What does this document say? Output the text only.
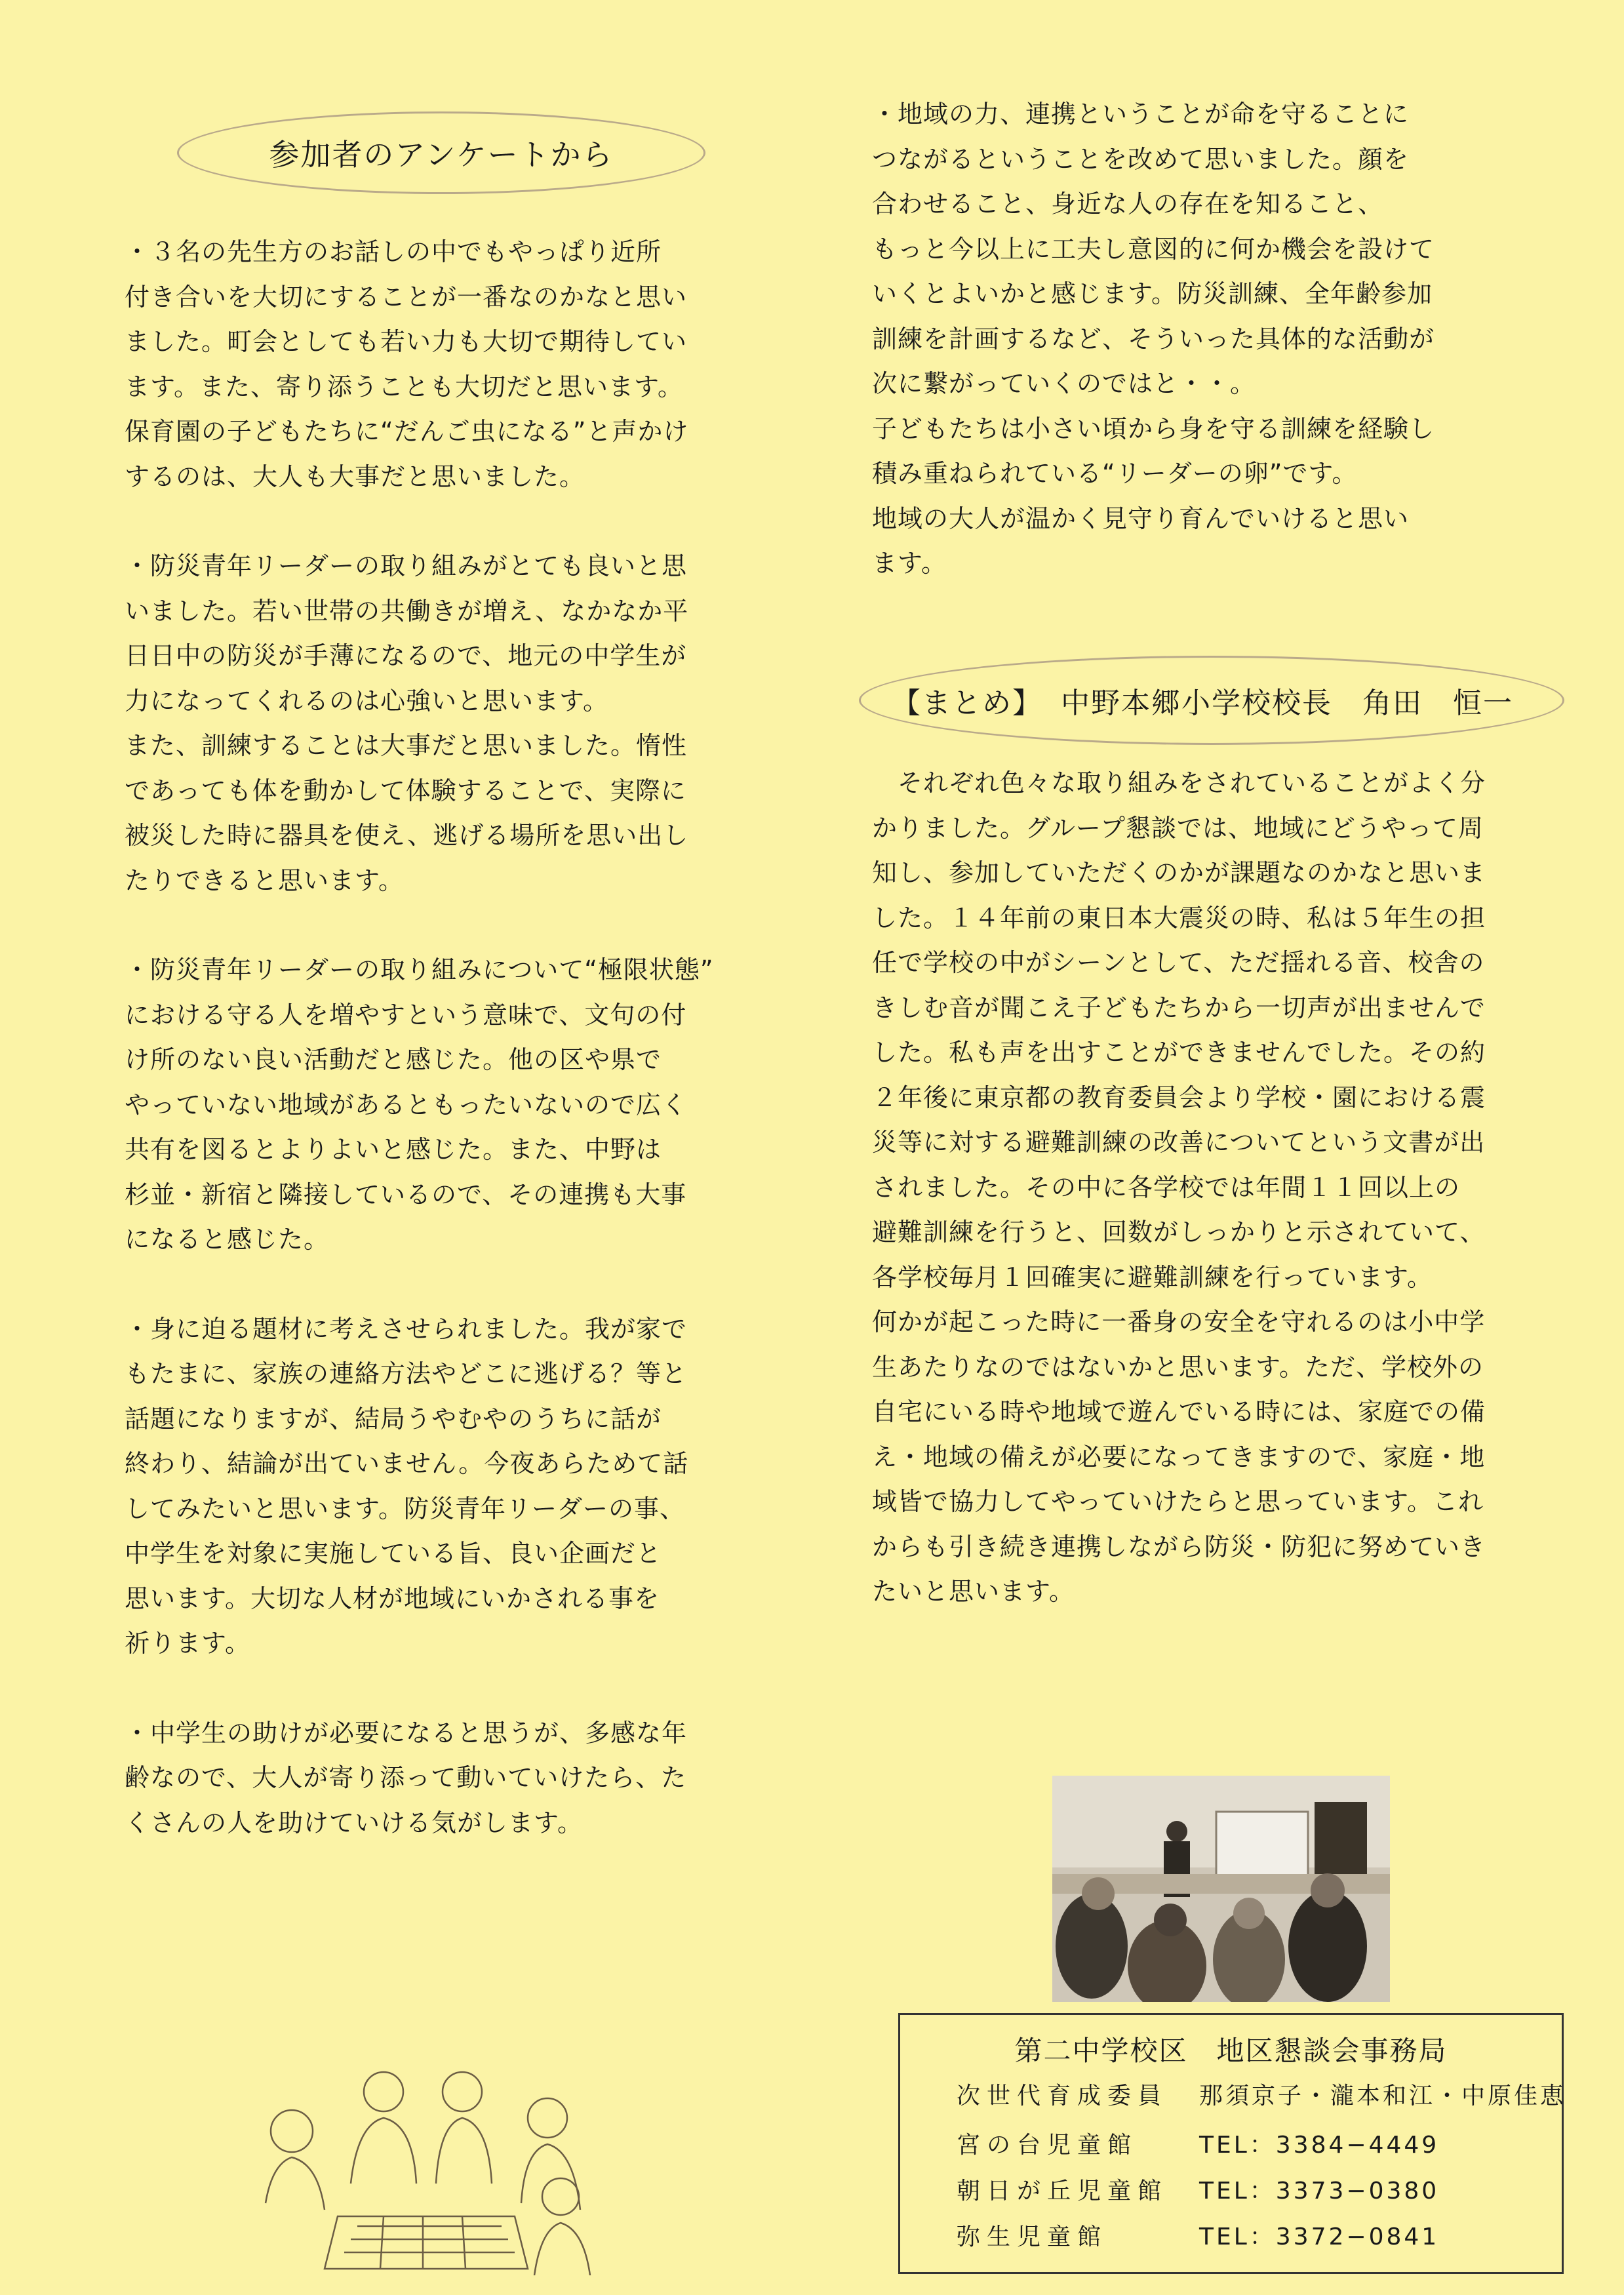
参加者のアンケートから

・３名の先生方のお話しの中でもやっぱり近所
付き合いを大切にすることが一番なのかなと思い
ました。町会としても若い力も大切で期待してい
ます。また、寄り添うことも大切だと思います。
保育園の子どもたちに“だんご虫になる”と声かけ
するのは、大人も大事だと思いました。

・防災青年リーダーの取り組みがとても良いと思
いました。若い世帯の共働きが増え、なかなか平
日日中の防災が手薄になるので、地元の中学生が
力になってくれるのは心強いと思います。
また、訓練することは大事だと思いました。惰性
であっても体を動かして体験することで、実際に
被災した時に器具を使え、逃げる場所を思い出し
たりできると思います。

・防災青年リーダーの取り組みについて“極限状態”
における守る人を増やすという意味で、文句の付
け所のない良い活動だと感じた。他の区や県で
やっていない地域があるともったいないので広く
共有を図るとよりよいと感じた。また、中野は
杉並・新宿と隣接しているので、その連携も大事
になると感じた。

・身に迫る題材に考えさせられました。我が家で
もたまに、家族の連絡方法やどこに逃げる？等と
話題になりますが、結局うやむやのうちに話が
終わり、結論が出ていません。今夜あらためて話
してみたいと思います。防災青年リーダーの事、
中学生を対象に実施している旨、良い企画だと
思います。大切な人材が地域にいかされる事を
祈ります。

・中学生の助けが必要になると思うが、多感な年
齢なので、大人が寄り添って動いていけたら、た
くさんの人を助けていける気がします。

・地域の力、連携ということが命を守ることに
つながるということを改めて思いました。顔を
合わせること、身近な人の存在を知ること、
もっと今以上に工夫し意図的に何か機会を設けて
いくとよいかと感じます。防災訓練、全年齢参加
訓練を計画するなど、そういった具体的な活動が
次に繋がっていくのではと・・。
子どもたちは小さい頃から身を守る訓練を経験し
積み重ねられている“リーダーの卵”です。
地域の大人が温かく見守り育んでいけると思い
ます。

【まとめ】 中野本郷小学校校長　角田　恒一

　それぞれ色々な取り組みをされていることがよく分
かりました。グループ懇談では、地域にどうやって周
知し、参加していただくのかが課題なのかなと思いま
した。１４年前の東日本大震災の時、私は５年生の担
任で学校の中がシーンとして、ただ揺れる音、校舎の
きしむ音が聞こえ子どもたちから一切声が出ませんで
した。私も声を出すことができませんでした。その約
２年後に東京都の教育委員会より学校・園における震
災等に対する避難訓練の改善についてという文書が出
されました。その中に各学校では年間１１回以上の
避難訓練を行うと、回数がしっかりと示されていて、
各学校毎月１回確実に避難訓練を行っています。
何かが起こった時に一番身の安全を守れるのは小中学
生あたりなのではないかと思います。ただ、学校外の
自宅にいる時や地域で遊んでいる時には、家庭での備
え・地域の備えが必要になってきますので、家庭・地
域皆で協力してやっていけたらと思っています。これ
からも引き続き連携しながら防災・防犯に努めていき
たいと思います。

第二中学校区　地区懇談会事務局
次世代育成委員 那須京子・瀧本和江・中原佳恵
宮の台児童館	TEL：3384−4449
朝日が丘児童館 TEL：3373−0380
弥生児童館	TEL：3372−0841
